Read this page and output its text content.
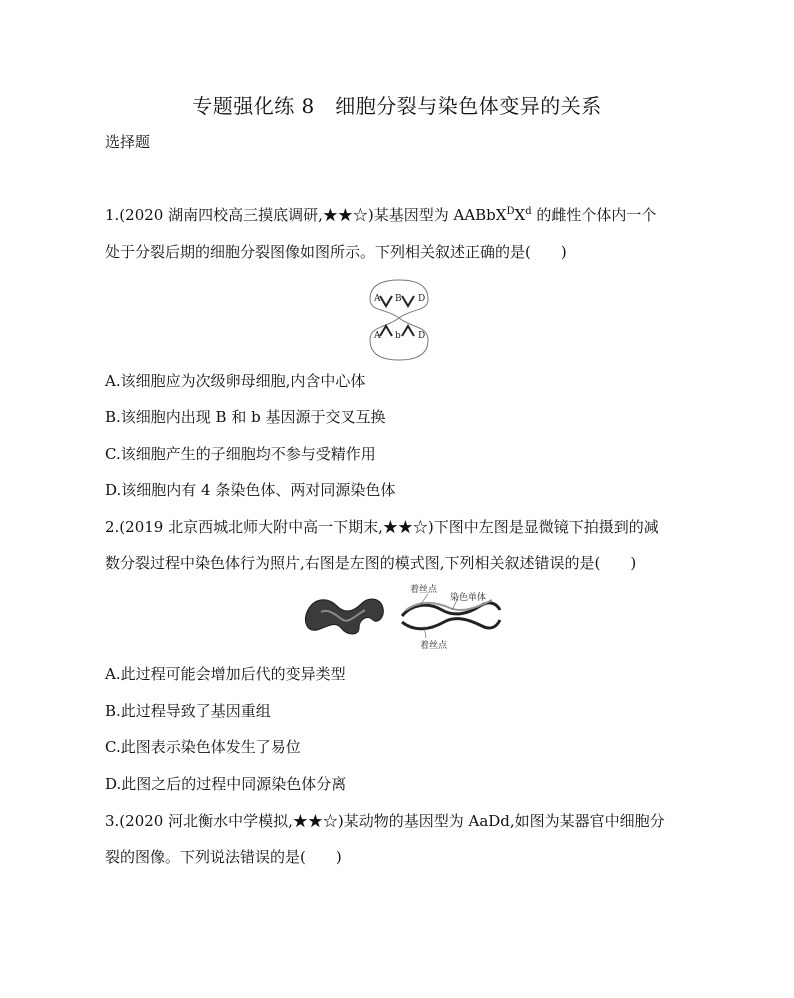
专题强化练 8　细胞分裂与染色体变异的关系
选择题
1.(2020 湖南四校高三摸底调研,★★☆)某基因型为 $AABbX^DX^d$ 的雌性个体内一个
处于分裂后期的细胞分裂图像如图所示。下列相关叙述正确的是(　　)
A B D
A b D
A.该细胞应为次级卵母细胞,内含中心体
B.该细胞内出现 B 和 b 基因源于交叉互换
C.该细胞产生的子细胞均不参与受精作用
D.该细胞内有 4 条染色体、两对同源染色体
2.(2019 北京西城北师大附中高一下期末,★★☆)下图中左图是显微镜下拍摄到的减
数分裂过程中染色体行为照片,右图是左图的模式图,下列相关叙述错误的是(　　)
着丝点
染色单体
着丝点
A.此过程可能会增加后代的变异类型
B.此过程导致了基因重组
C.此图表示染色体发生了易位
D.此图之后的过程中同源染色体分离
3.(2020 河北衡水中学模拟,★★☆)某动物的基因型为 AaDd,如图为某器官中细胞分
裂的图像。下列说法错误的是(　　)
